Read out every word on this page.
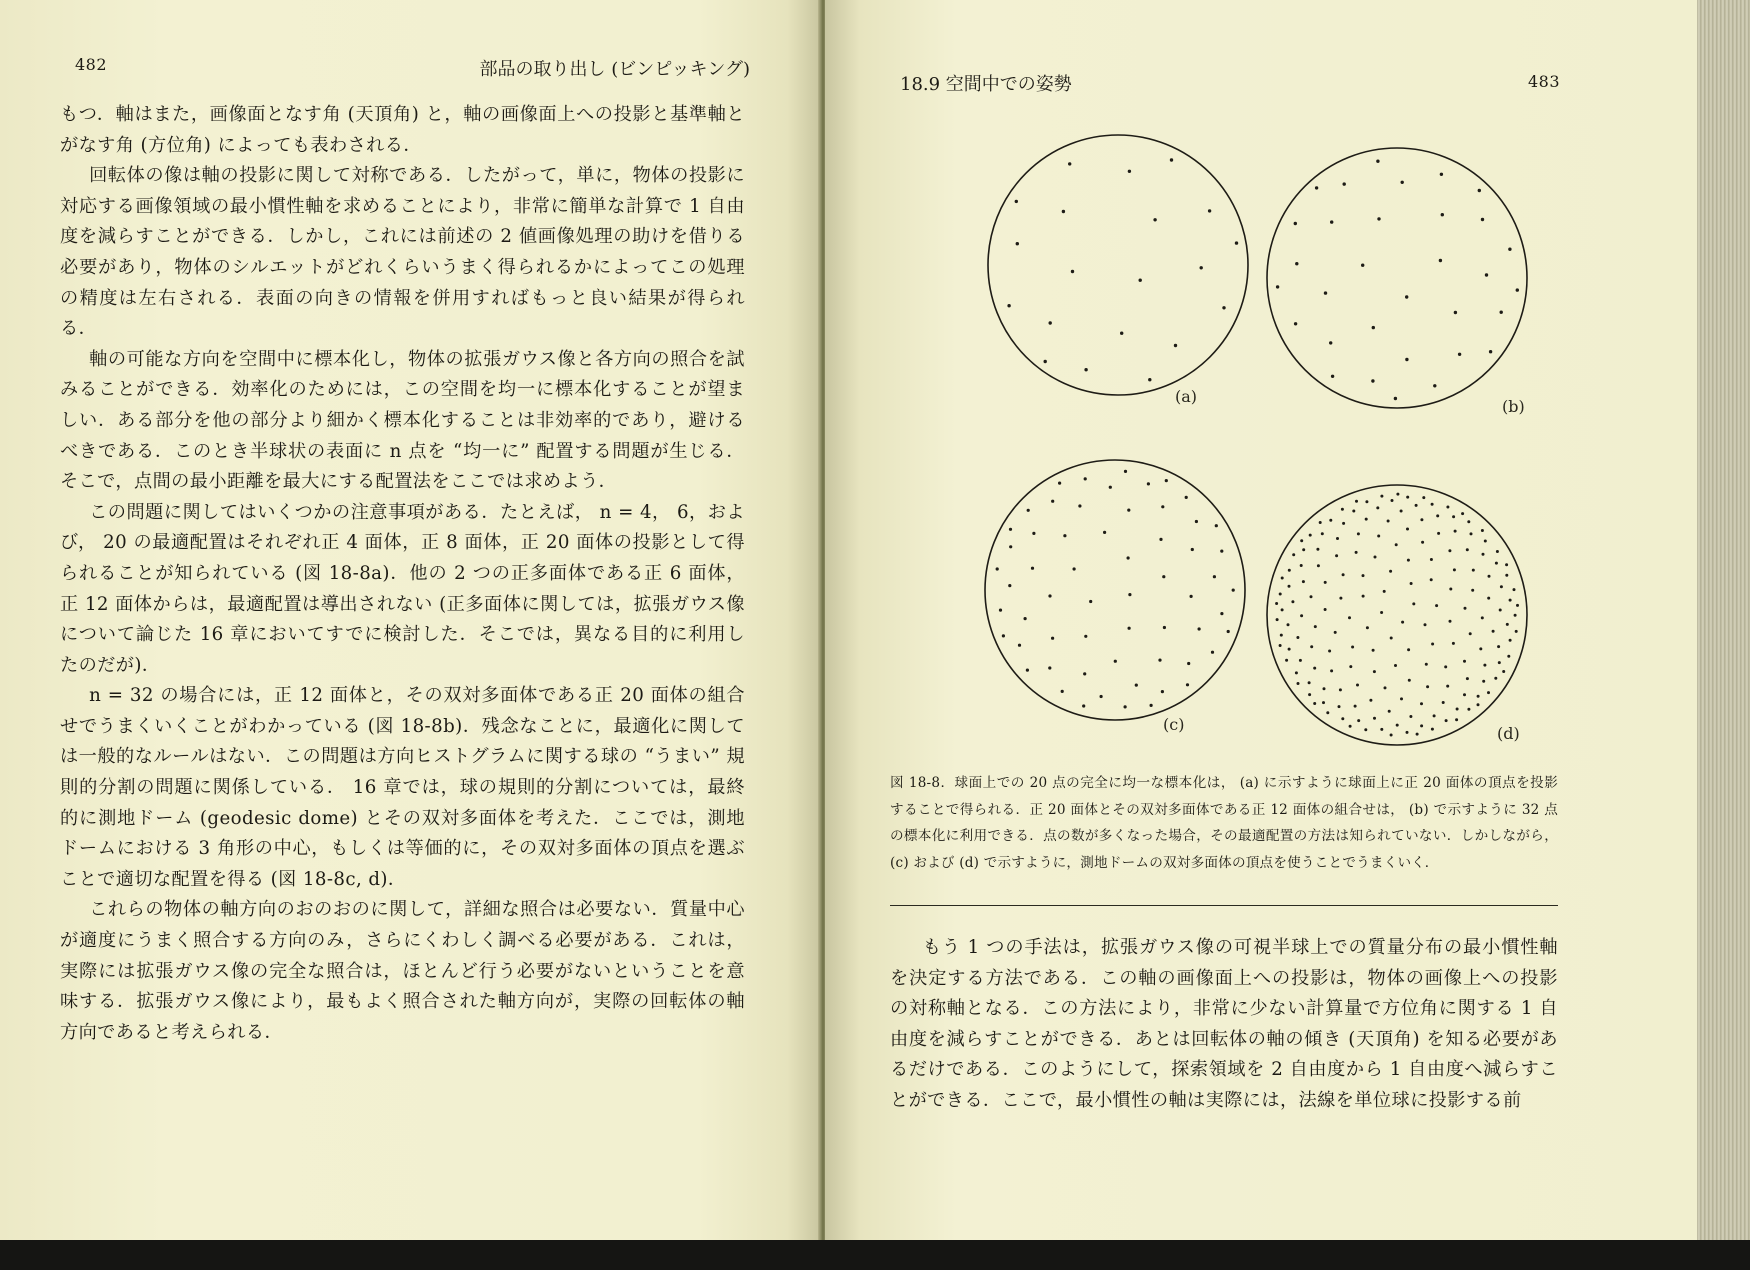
482	部品の取り出し (ビンピッキング)

もつ．軸はまた，画像面となす角 (天頂角) と，軸の画像面上への投影と基準軸とがなす角 (方位角) によっても表わされる．

回転体の像は軸の投影に関して対称である．したがって，単に，物体の投影に対応する画像領域の最小慣性軸を求めることにより，非常に簡単な計算で 1 自由度を減らすことができる．しかし，これには前述の 2 値画像処理の助けを借りる必要があり，物体のシルエットがどれくらいうまく得られるかによってこの処理の精度は左右される．表面の向きの情報を併用すればもっと良い結果が得られる．

軸の可能な方向を空間中に標本化し，物体の拡張ガウス像と各方向の照合を試みることができる．効率化のためには，この空間を均一に標本化することが望ましい．ある部分を他の部分より細かく標本化することは非効率的であり，避けるべきである．このとき半球状の表面に n 点を “均一に” 配置する問題が生じる．そこで，点間の最小距離を最大にする配置法をここでは求めよう．

この問題に関してはいくつかの注意事項がある．たとえば， n = 4， 6，および， 20 の最適配置はそれぞれ正 4 面体，正 8 面体，正 20 面体の投影として得られることが知られている (図 18-8a)．他の 2 つの正多面体である正 6 面体，正 12 面体からは，最適配置は導出されない (正多面体に関しては，拡張ガウス像について論じた 16 章においてすでに検討した．そこでは，異なる目的に利用したのだが)．

n = 32 の場合には，正 12 面体と，その双対多面体である正 20 面体の組合せでうまくいくことがわかっている (図 18-8b)．残念なことに，最適化に関しては一般的なルールはない．この問題は方向ヒストグラムに関する球の “うまい” 規則的分割の問題に関係している． 16 章では，球の規則的分割については，最終的に測地ドーム (geodesic dome) とその双対多面体を考えた．ここでは，測地ドームにおける 3 角形の中心，もしくは等価的に，その双対多面体の頂点を選ぶことで適切な配置を得る (図 18-8c, d)．

これらの物体の軸方向のおのおのに関して，詳細な照合は必要ない．質量中心が適度にうまく照合する方向のみ，さらにくわしく調べる必要がある．これは，実際には拡張ガウス像の完全な照合は，ほとんど行う必要がないということを意味する．拡張ガウス像により，最もよく照合された軸方向が，実際の回転体の軸方向であると考えられる．

18.9 空間中での姿勢	483
(a)
(b)
(c)	(d)
図 18-8．球面上での 20 点の完全に均一な標本化は， (a) に示すように球面上に正 20 面体の頂点を投影することで得られる．正 20 面体とその双対多面体である正 12 面体の組合せは， (b) で示すように 32 点の標本化に利用できる．点の数が多くなった場合，その最適配置の方法は知られていない．しかしながら， (c) および (d) で示すように，測地ドームの双対多面体の頂点を使うことでうまくいく．

もう 1 つの手法は，拡張ガウス像の可視半球上での質量分布の最小慣性軸を決定する方法である．この軸の画像面上への投影は，物体の画像上への投影の対称軸となる．この方法により，非常に少ない計算量で方位角に関する 1 自由度を減らすことができる．あとは回転体の軸の傾き (天頂角) を知る必要があるだけである．このようにして，探索領域を 2 自由度から 1 自由度へ減らすことができる．ここで，最小慣性の軸は実際には，法線を単位球に投影する前
